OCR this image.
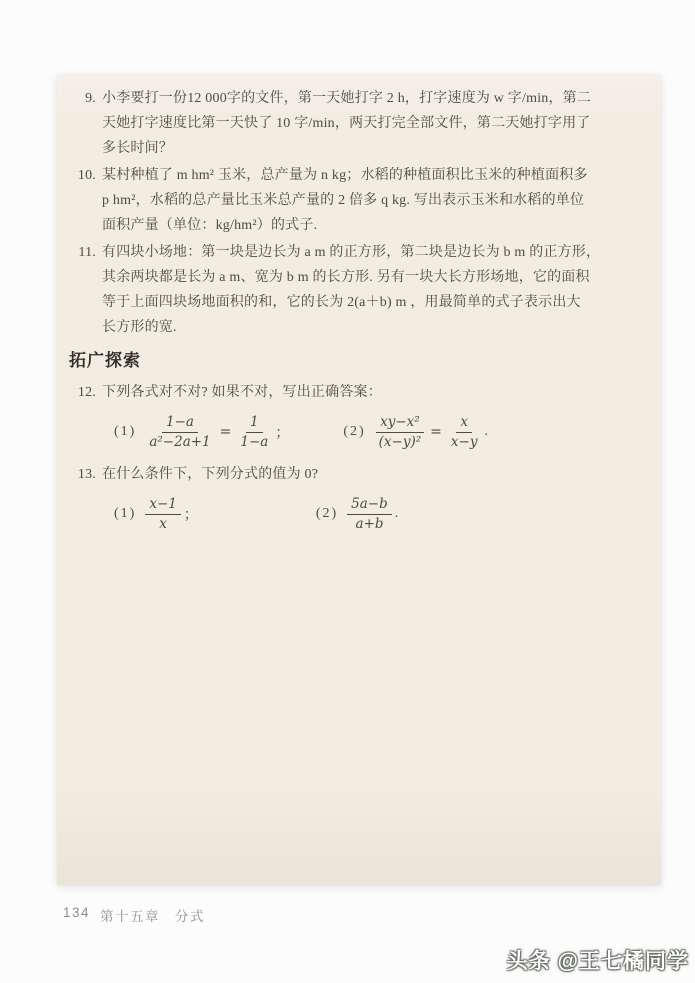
9. 小李要打一份12 000字的文件，第一天她打字 2 h，打字速度为 w 字/min，第二
天她打字速度比第一天快了 10 字/min，两天打完全部文件，第二天她打字用了
多长时间？
10. 某村种植了 m hm² 玉米，总产量为 n kg；水稻的种植面积比玉米的种植面积多
p hm²，水稻的总产量比玉米总产量的 2 倍多 q kg. 写出表示玉米和水稻的单位
面积产量（单位：kg/hm²）的式子.
11. 有四块小场地：第一块是边长为 a m 的正方形，第二块是边长为 b m 的正方形，
其余两块都是长为 a m、宽为 b m 的长方形. 另有一块大长方形场地，它的面积
等于上面四块场地面积的和，它的长为 2(a＋b) m ，用最简单的式子表示出大
长方形的宽.
拓广探索
12. 下列各式对不对? 如果不对，写出正确答案：
$(1) \frac{1-a}{\text{a²−2a+1}} = \frac{1}{1-a}$ ；	$(2) \frac{\text{xy−x²}}{\text{(x−y)²}} = \frac{x}{x-y}$ .
13. 在什么条件下，下列分式的值为 0?
$(1) \frac{x-1}{x}$ ；	$(2) \frac{5a-b}{a+b}$ .
134 第十五章 分式
头条 @王七橘同学
